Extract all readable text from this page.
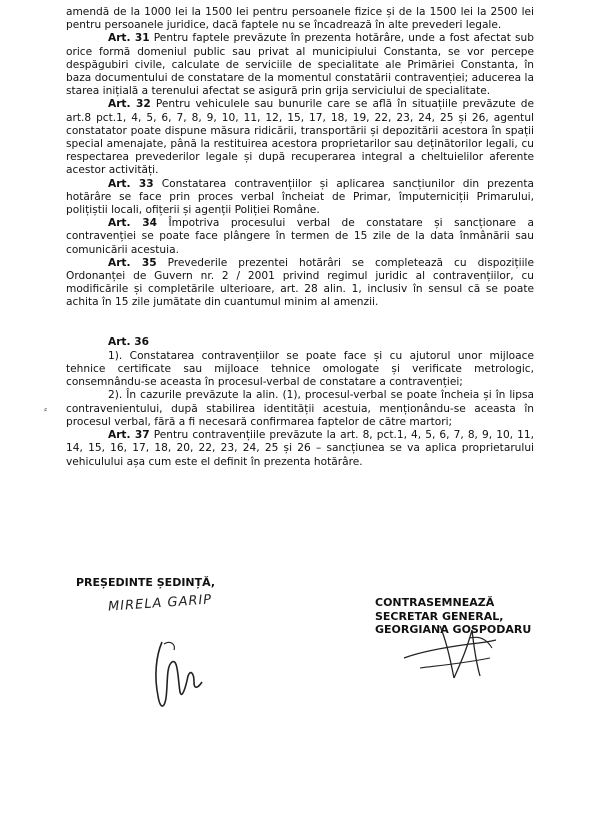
amendă de la 1000 lei la 1500 lei pentru persoanele fizice și de la 1500 lei la 2500 lei pentru persoanele juridice, dacă faptele nu se încadrează în alte prevederi legale.

Art. 31 Pentru faptele prevăzute în prezenta hotărâre, unde a fost afectat sub orice formă domeniul public sau privat al municipiului Constanta, se vor percepe despăgubiri civile, calculate de serviciile de specialitate ale Primăriei Constanta, în baza documentului de constatare de la momentul constatării contravenției; aducerea la starea inițială a terenului afectat se asigură prin grija serviciului de specialitate.

Art. 32 Pentru vehiculele sau bunurile care se află în situațiile prevăzute de art.8 pct.1, 4, 5, 6, 7, 8, 9, 10, 11, 12, 15, 17, 18, 19, 22, 23, 24, 25 și 26, agentul constatator poate dispune măsura ridicării, transportării și depozitării acestora în spații special amenajate, până la restituirea acestora proprietarilor sau deținătorilor legali, cu respectarea prevederilor legale și după recuperarea integral a cheltuielilor aferente acestor activități.

Art. 33 Constatarea contravențiilor și aplicarea sancțiunilor din prezenta hotărâre se face prin proces verbal încheiat de Primar, împuterniciții Primarului, polițiștii locali, ofițerii și agenții Poliției Române.

Art. 34 Împotriva procesului verbal de constatare și sancționare a contravenției se poate face plângere în termen de 15 zile de la data înmânării sau comunicării acestuia.

Art. 35 Prevederile prezentei hotărâri se completează cu dispozițiile Ordonanței de Guvern nr. 2 / 2001 privind regimul juridic al contravențiilor, cu modificările și completările ulterioare, art. 28 alin. 1, inclusiv în sensul că se poate achita în 15 zile jumătate din cuantumul minim al amenzii.

Art. 36

1). Constatarea contravențiilor se poate face și cu ajutorul unor mijloace tehnice certificate sau mijloace tehnice omologate și verificate metrologic, consemnându-se aceasta în procesul-verbal de constatare a contravenției;

2). În cazurile prevăzute la alin. (1), procesul-verbal se poate încheia și în lipsa contravenientului, după stabilirea identității acestuia, menționându-se aceasta în procesul verbal, fără a fi necesară confirmarea faptelor de către martori;

Art. 37 Pentru contravențiile prevăzute la art. 8, pct.1, 4, 5, 6, 7, 8, 9, 10, 11, 14, 15, 16, 17, 18, 20, 22, 23, 24, 25 și 26 – sancțiunea se va aplica proprietarului vehiculului așa cum este el definit în prezenta hotărâre.

⸗
PREȘEDINTE ȘEDINȚĂ,
MIRELA GARIP	CONTRASEMNEAZĂ
SECRETAR GENERAL,
GEORGIANA GOSPODARU
